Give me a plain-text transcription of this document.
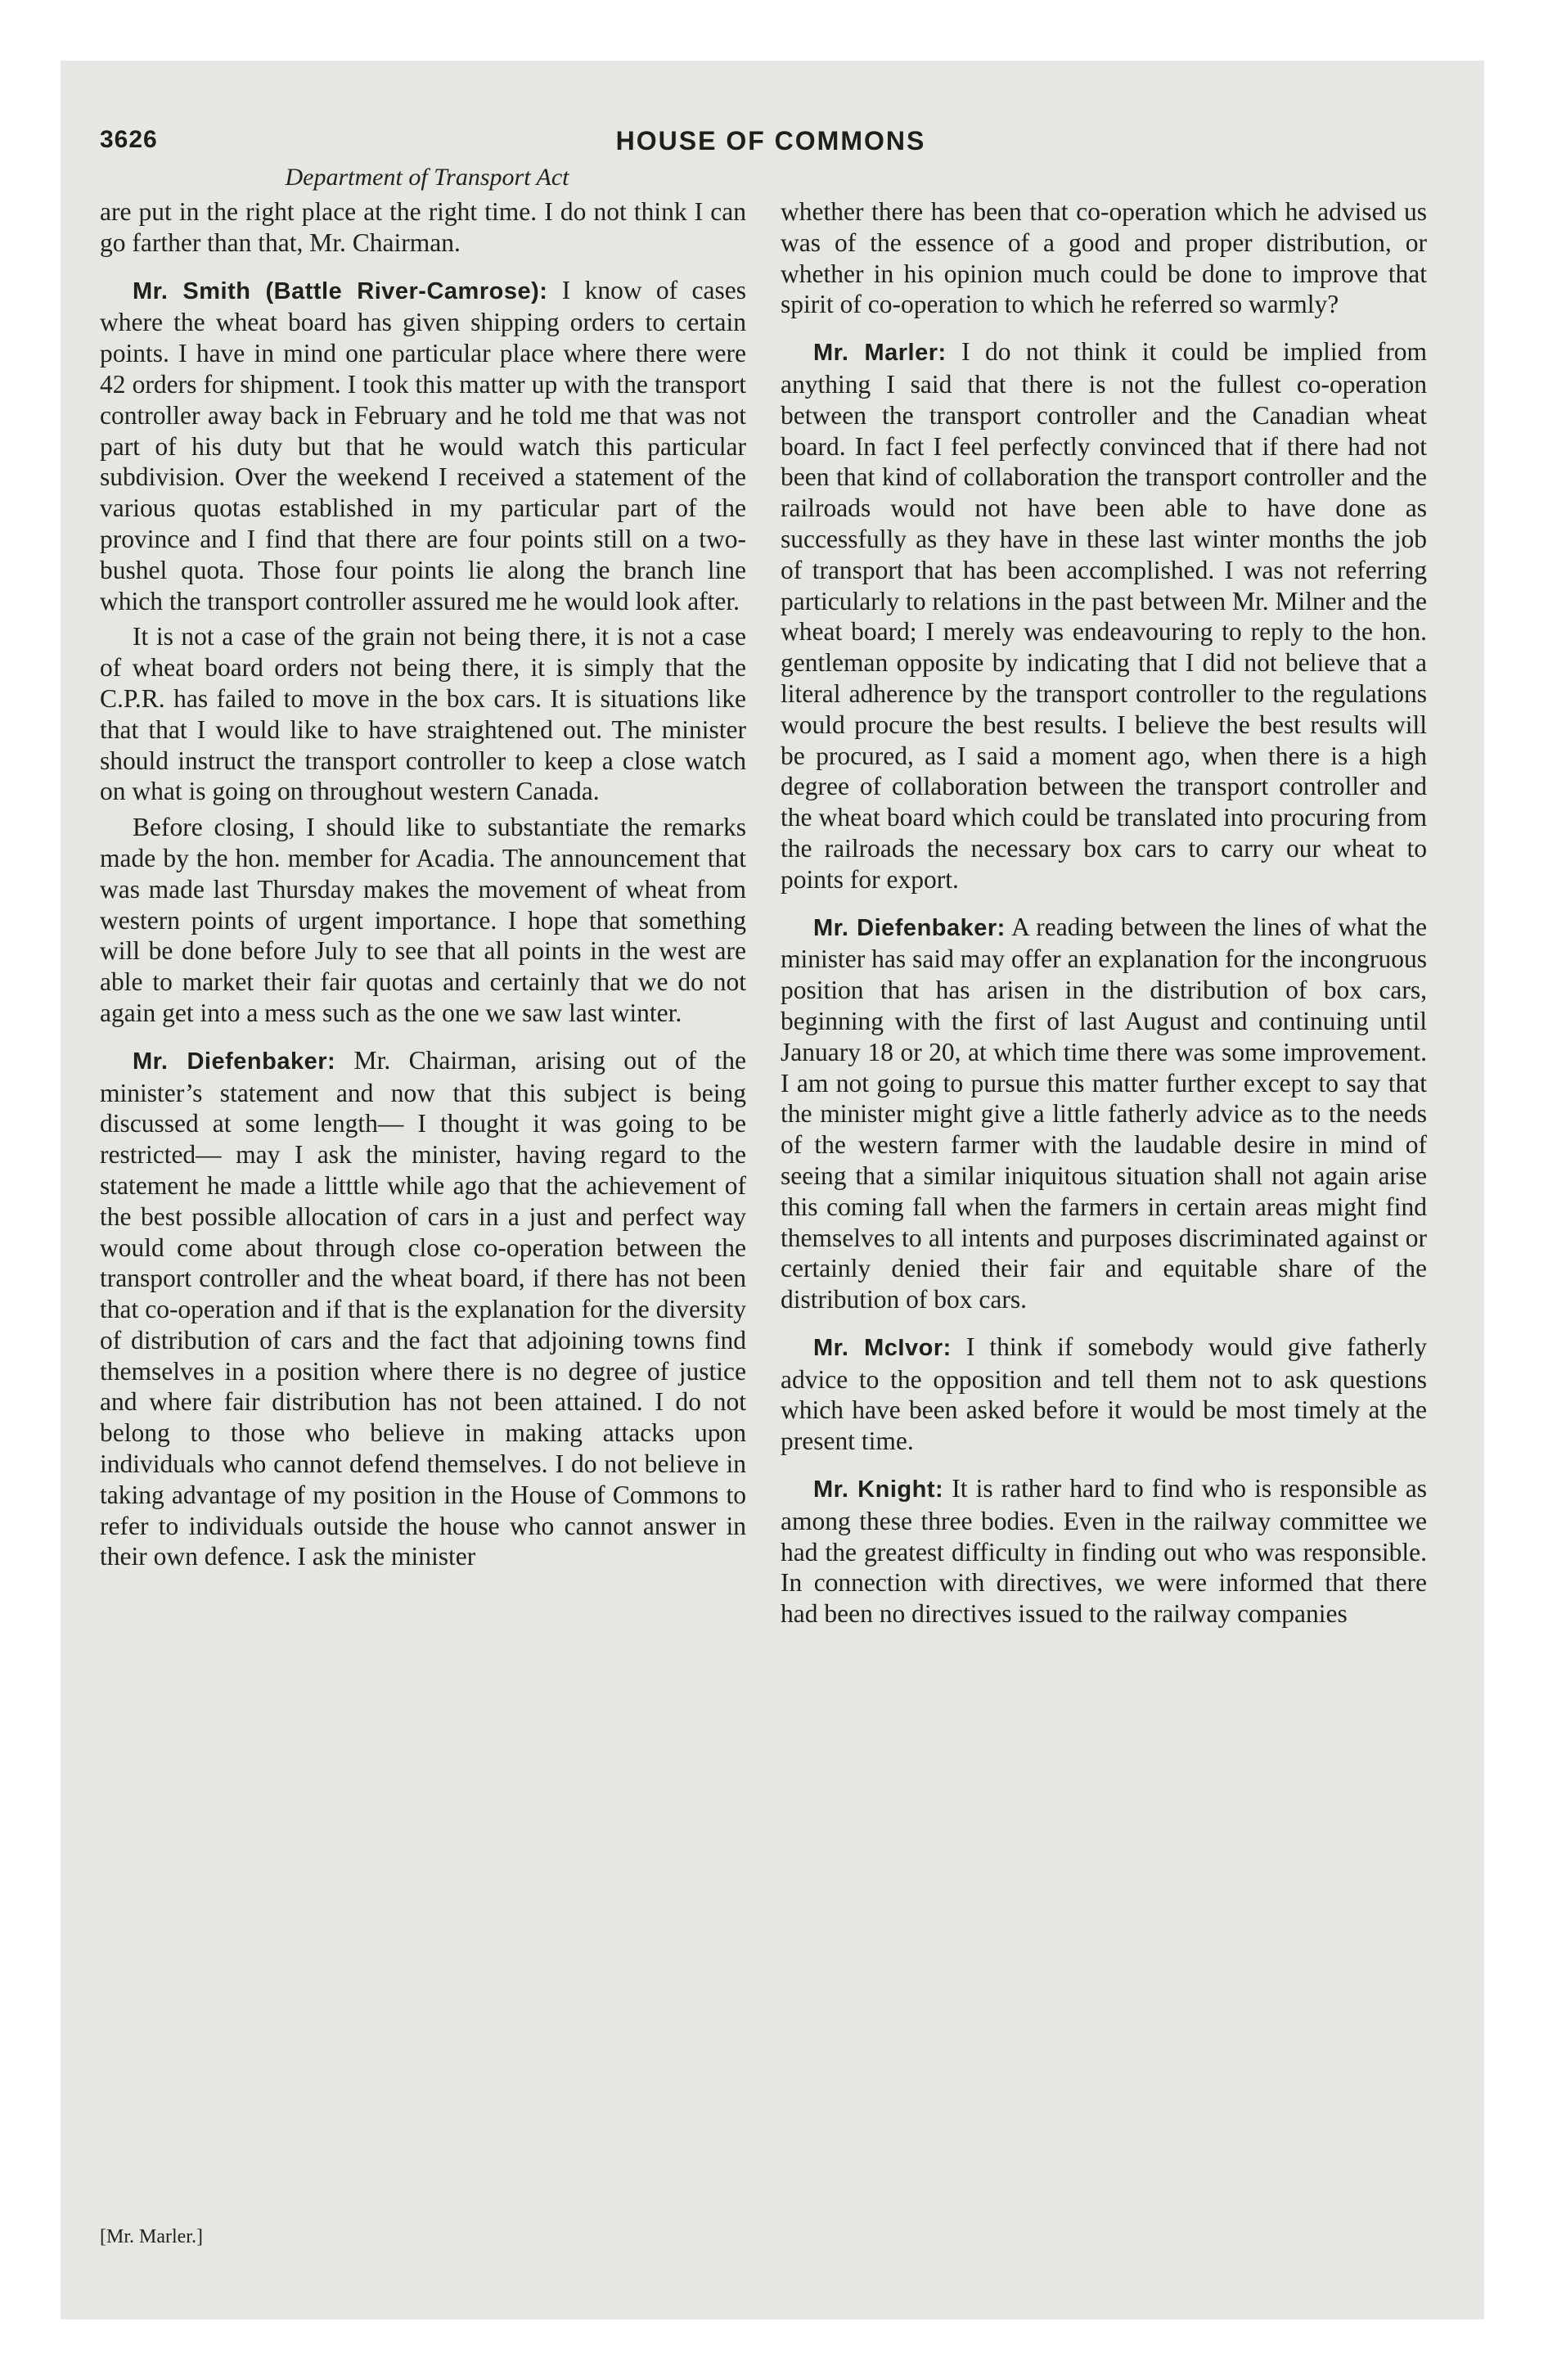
3626	HOUSE OF COMMONS
Department of Transport Act

are put in the right place at the right time. I do not think I can go farther than that, Mr. Chairman.

Mr. Smith (Battle River-Camrose): I know of cases where the wheat board has given shipping orders to certain points. I have in mind one particular place where there were 42 orders for shipment. I took this matter up with the transport controller away back in February and he told me that was not part of his duty but that he would watch this particular subdivision. Over the weekend I received a statement of the various quotas established in my particular part of the province and I find that there are four points still on a two-bushel quota. Those four points lie along the branch line which the transport controller assured me he would look after.

It is not a case of the grain not being there, it is not a case of wheat board orders not being there, it is simply that the C.P.R. has failed to move in the box cars. It is situations like that that I would like to have straightened out. The minister should instruct the transport controller to keep a close watch on what is going on throughout western Canada.

Before closing, I should like to substantiate the remarks made by the hon. member for Acadia. The announcement that was made last Thursday makes the movement of wheat from western points of urgent importance. I hope that something will be done before July to see that all points in the west are able to market their fair quotas and certainly that we do not again get into a mess such as the one we saw last winter.

Mr. Diefenbaker: Mr. Chairman, arising out of the minister’s statement and now that this subject is being discussed at some length— I thought it was going to be restricted— may I ask the minister, having regard to the statement he made a litttle while ago that the achievement of the best possible allocation of cars in a just and perfect way would come about through close co-operation between the transport controller and the wheat board, if there has not been that co-operation and if that is the explanation for the diversity of distribution of cars and the fact that adjoining towns find themselves in a position where there is no degree of justice and where fair distribution has not been attained. I do not belong to those who believe in making attacks upon individuals who cannot defend themselves. I do not believe in taking advantage of my position in the House of Commons to refer to individuals outside the house who cannot answer in their own defence. I ask the minister

whether there has been that co-operation which he advised us was of the essence of a good and proper distribution, or whether in his opinion much could be done to improve that spirit of co-operation to which he referred so warmly?

Mr. Marler: I do not think it could be implied from anything I said that there is not the fullest co-operation between the transport controller and the Canadian wheat board. In fact I feel perfectly convinced that if there had not been that kind of collaboration the transport controller and the railroads would not have been able to have done as successfully as they have in these last winter months the job of transport that has been accomplished. I was not referring particularly to relations in the past between Mr. Milner and the wheat board; I merely was endeavouring to reply to the hon. gentleman opposite by indicating that I did not believe that a literal adherence by the transport controller to the regulations would procure the best results. I believe the best results will be procured, as I said a moment ago, when there is a high degree of collaboration between the transport controller and the wheat board which could be translated into procuring from the railroads the necessary box cars to carry our wheat to points for export.

Mr. Diefenbaker: A reading between the lines of what the minister has said may offer an explanation for the incongruous position that has arisen in the distribution of box cars, beginning with the first of last August and continuing until January 18 or 20, at which time there was some improvement. I am not going to pursue this matter further except to say that the minister might give a little fatherly advice as to the needs of the western farmer with the laudable desire in mind of seeing that a similar iniquitous situation shall not again arise this coming fall when the farmers in certain areas might find themselves to all intents and purposes discriminated against or certainly denied their fair and equitable share of the distribution of box cars.

Mr. McIvor: I think if somebody would give fatherly advice to the opposition and tell them not to ask questions which have been asked before it would be most timely at the present time.

Mr. Knight: It is rather hard to find who is responsible as among these three bodies. Even in the railway committee we had the greatest difficulty in finding out who was responsible. In connection with directives, we were informed that there had been no directives issued to the railway companies

[Mr. Marler.]
